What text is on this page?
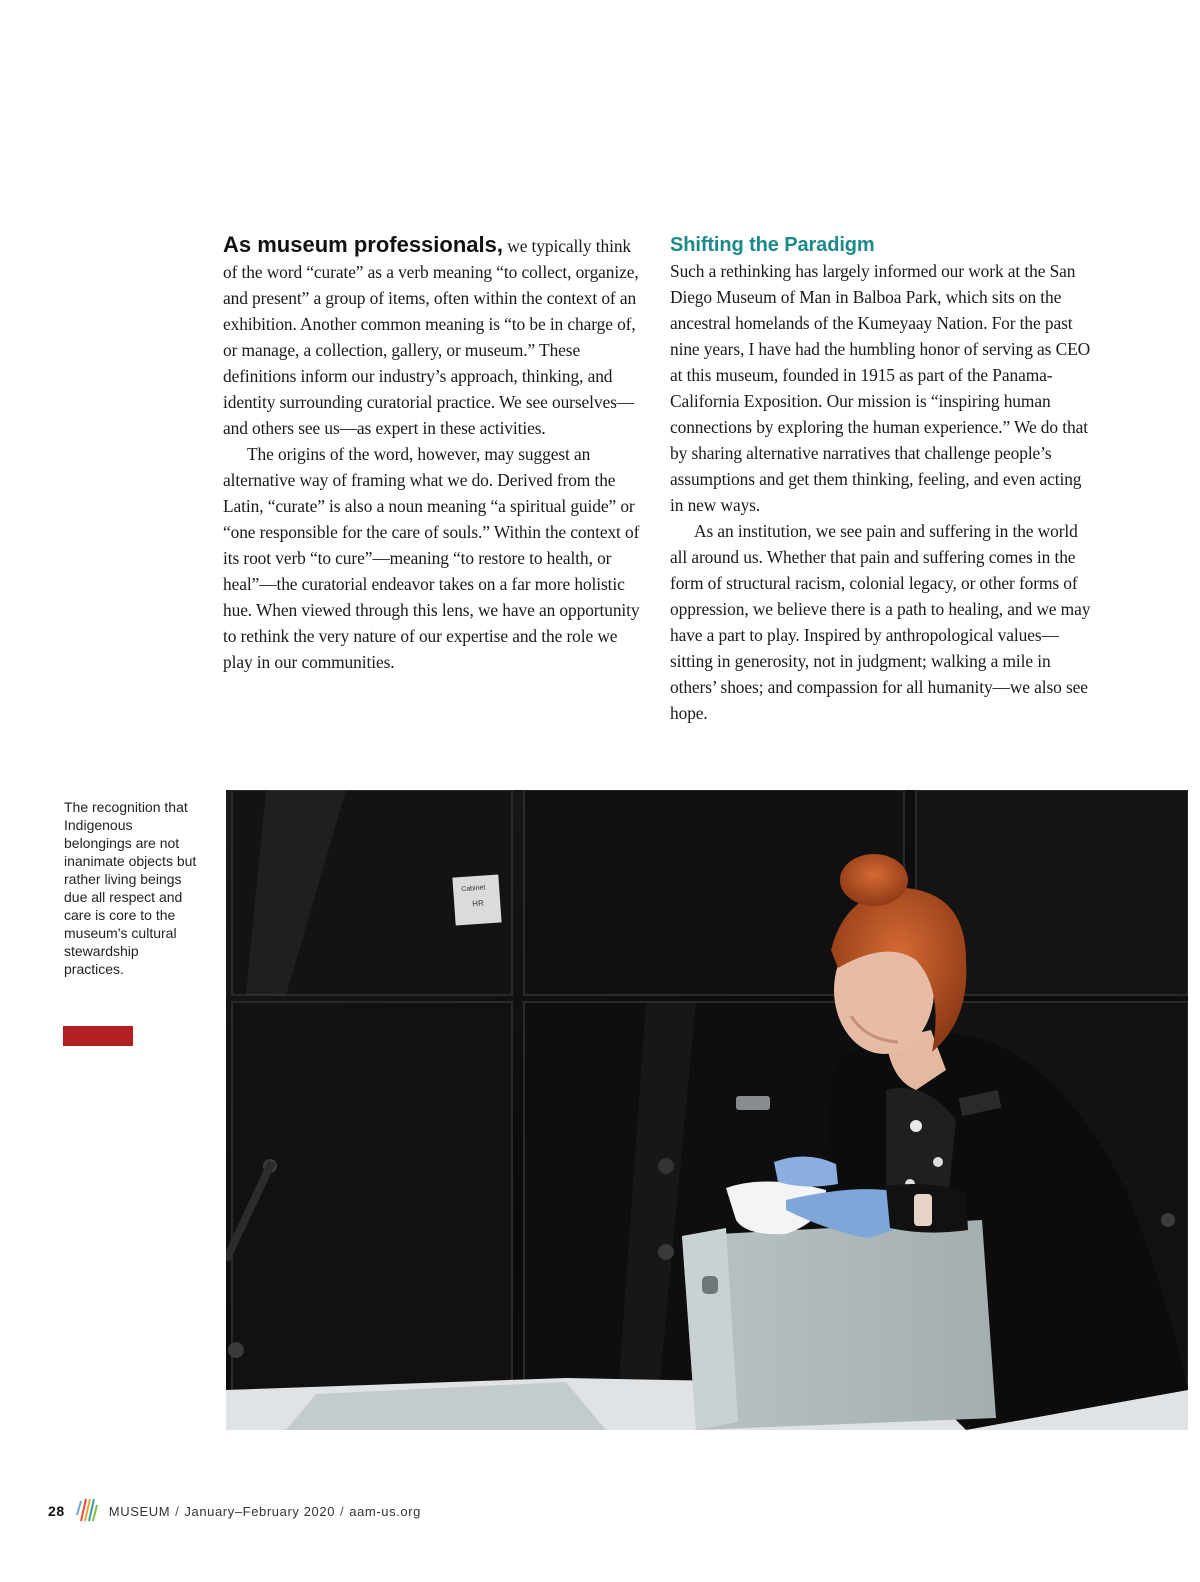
As museum professionals, we typically think of the word “curate” as a verb meaning “to collect, organize, and present” a group of items, often within the context of an exhibition. Another common meaning is “to be in charge of, or manage, a collection, gallery, or museum.” These definitions inform our industry’s approach, thinking, and identity surrounding curatorial practice. We see ourselves—and others see us—as expert in these activities.

The origins of the word, however, may suggest an alternative way of framing what we do. Derived from the Latin, “curate” is also a noun meaning “a spiritual guide” or “one responsible for the care of souls.” Within the context of its root verb “to cure”—meaning “to restore to health, or heal”—the curatorial endeavor takes on a far more holistic hue. When viewed through this lens, we have an opportunity to rethink the very nature of our expertise and the role we play in our communities.

Shifting the Paradigm

Such a rethinking has largely informed our work at the San Diego Museum of Man in Balboa Park, which sits on the ancestral homelands of the Kumeyaay Nation. For the past nine years, I have had the humbling honor of serving as CEO at this museum, founded in 1915 as part of the Panama-California Exposition. Our mission is “inspiring human connections by exploring the human experience.” We do that by sharing alternative narratives that challenge people’s assumptions and get them thinking, feeling, and even acting in new ways.

As an institution, we see pain and suffering in the world all around us. Whether that pain and suffering comes in the form of structural racism, colonial legacy, or other forms of oppression, we believe there is a path to healing, and we may have a part to play. Inspired by anthropological values—sitting in generosity, not in judgment; walking a mile in others’ shoes; and compassion for all humanity—we also see hope.

The recognition that Indigenous belongings are not inanimate objects but rather living beings due all respect and care is core to the museum’s cultural stewardship practices.

Cabinet
HR
28	MUSEUM / January–February 2020 / aam-us.org
